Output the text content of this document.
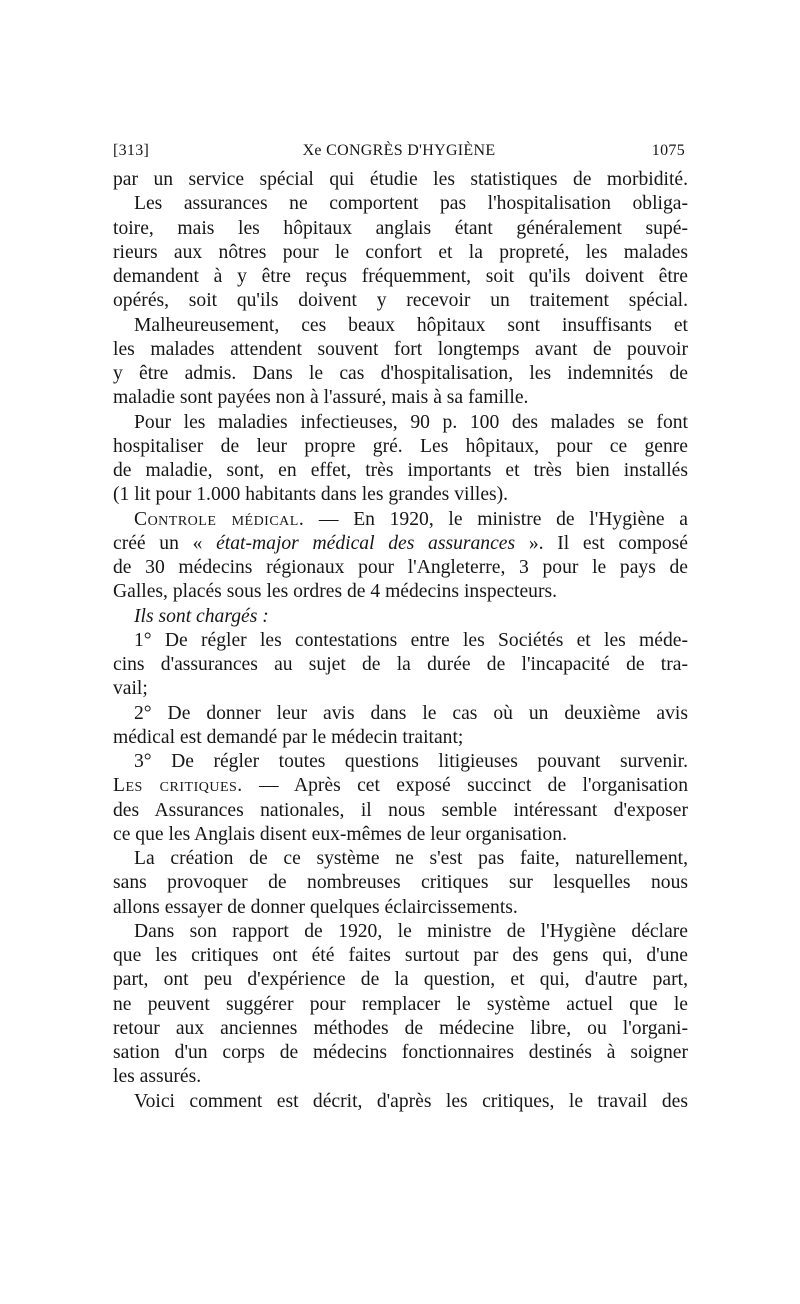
[313]	Xe CONGRÈS D'HYGIÈNE	1075
par un service spécial qui étudie les statistiques de morbidité.
Les assurances ne comportent pas l'hospitalisation obliga-
toire, mais les hôpitaux anglais étant généralement supé-
rieurs aux nôtres pour le confort et la propreté, les malades
demandent à y être reçus fréquemment, soit qu'ils doivent être
opérés, soit qu'ils doivent y recevoir un traitement spécial.
Malheureusement, ces beaux hôpitaux sont insuffisants et
les malades attendent souvent fort longtemps avant de pouvoir
y être admis. Dans le cas d'hospitalisation, les indemnités de
maladie sont payées non à l'assuré, mais à sa famille.
Pour les maladies infectieuses, 90 p. 100 des malades se font
hospitaliser de leur propre gré. Les hôpitaux, pour ce genre
de maladie, sont, en effet, très importants et très bien installés
(1 lit pour 1.000 habitants dans les grandes villes).
Controle médical. — En 1920, le ministre de l'Hygiène a
créé un « état-major médical des assurances ». Il est composé
de 30 médecins régionaux pour l'Angleterre, 3 pour le pays de
Galles, placés sous les ordres de 4 médecins inspecteurs.
Ils sont chargés :
1° De régler les contestations entre les Sociétés et les méde-
cins d'assurances au sujet de la durée de l'incapacité de tra-
vail;
2° De donner leur avis dans le cas où un deuxième avis
médical est demandé par le médecin traitant;
3° De régler toutes questions litigieuses pouvant survenir.
Les critiques. — Après cet exposé succinct de l'organisation
des Assurances nationales, il nous semble intéressant d'exposer
ce que les Anglais disent eux-mêmes de leur organisation.
La création de ce système ne s'est pas faite, naturellement,
sans provoquer de nombreuses critiques sur lesquelles nous
allons essayer de donner quelques éclaircissements.
Dans son rapport de 1920, le ministre de l'Hygiène déclare
que les critiques ont été faites surtout par des gens qui, d'une
part, ont peu d'expérience de la question, et qui, d'autre part,
ne peuvent suggérer pour remplacer le système actuel que le
retour aux anciennes méthodes de médecine libre, ou l'organi-
sation d'un corps de médecins fonctionnaires destinés à soigner
les assurés.
Voici comment est décrit, d'après les critiques, le travail des
